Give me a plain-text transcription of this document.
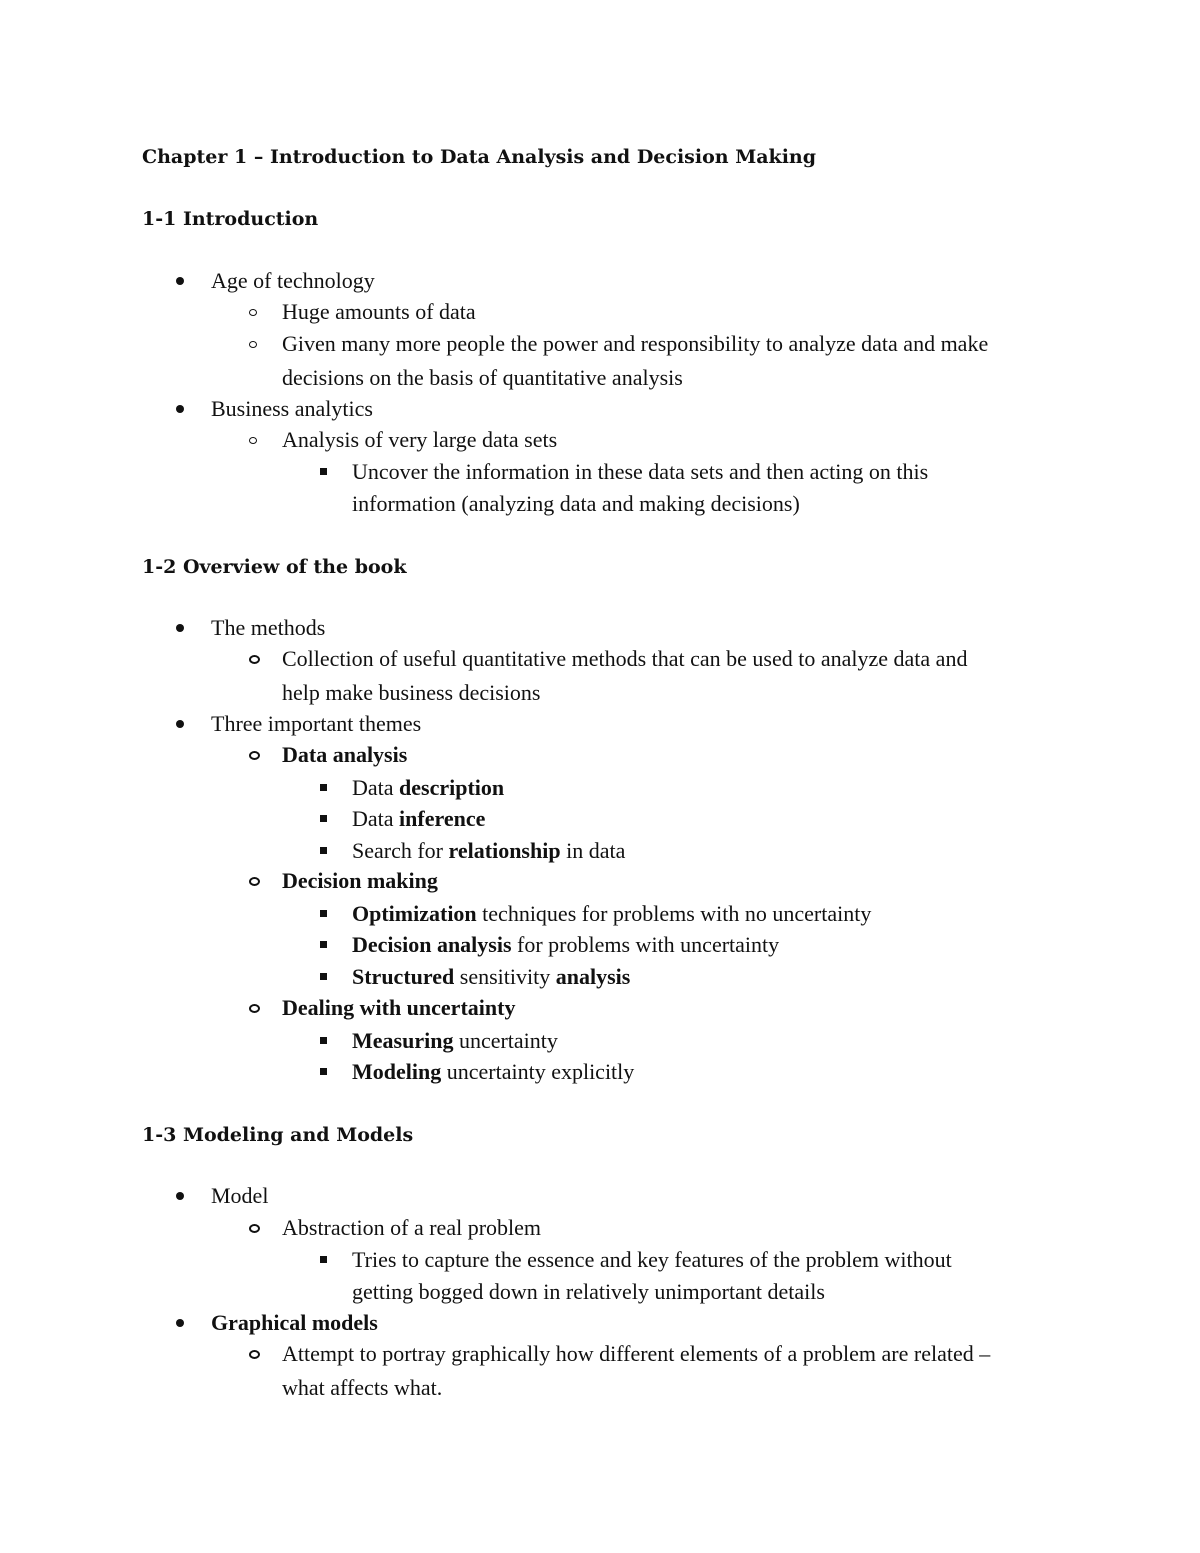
Chapter 1 – Introduction to Data Analysis and Decision Making
1-1 Introduction
Age of technology
Huge amounts of data
Given many more people the power and responsibility to analyze data and make
decisions on the basis of quantitative analysis
Business analytics
Analysis of very large data sets
Uncover the information in these data sets and then acting on this
information (analyzing data and making decisions)
1-2 Overview of the book
The methods
Collection of useful quantitative methods that can be used to analyze data and
help make business decisions
Three important themes
Data analysis
Data description
Data inference
Search for relationship in data
Decision making
Optimization techniques for problems with no uncertainty
Decision analysis for problems with uncertainty
Structured sensitivity analysis
Dealing with uncertainty
Measuring uncertainty
Modeling uncertainty explicitly
1-3 Modeling and Models
Model
Abstraction of a real problem
Tries to capture the essence and key features of the problem without
getting bogged down in relatively unimportant details
Graphical models
Attempt to portray graphically how different elements of a problem are related –
what affects what.
